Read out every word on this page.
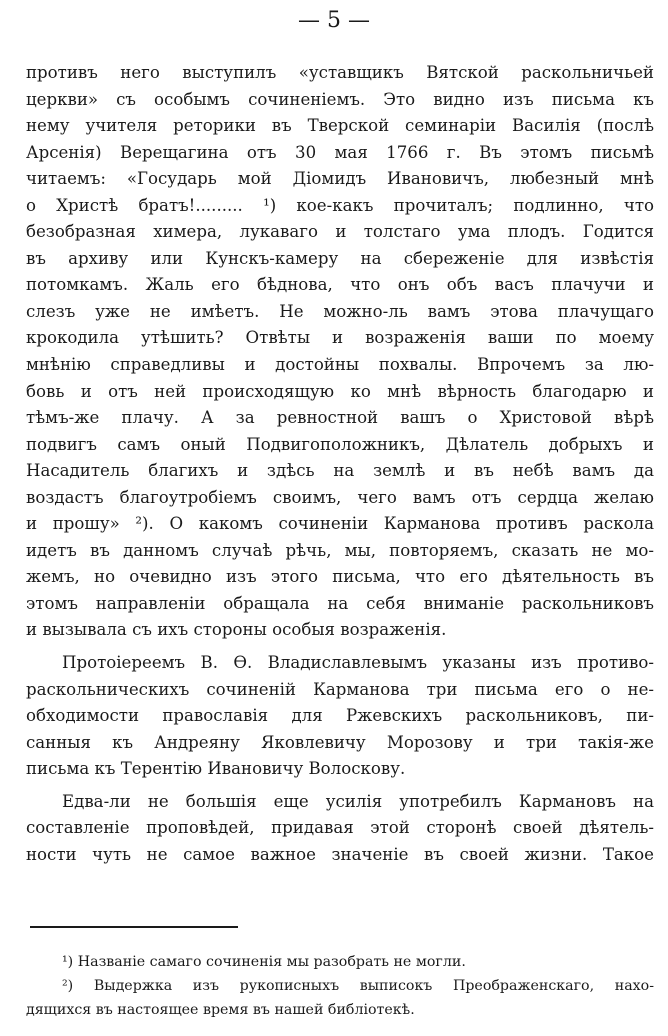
— 5 —
противъ него выступилъ «уставщикъ Вятской раскольничьей
церкви» съ особымъ сочиненіемъ. Это видно изъ письма къ
нему учителя реторики въ Тверской семинаріи Василія (послѣ
Арсенія) Верещагина отъ 30 мая 1766 г. Въ этомъ письмѣ
читаемъ: «Государь мой Діомидъ Ивановичъ, любезный мнѣ
о Христѣ братъ!......... ¹) кое-какъ прочиталъ; подлинно, что
безобразная химера, лукаваго и толстаго ума плодъ. Годится
въ архиву или Кунскъ-камеру на сбереженіе для извѣстія
потомкамъ. Жаль его бѣднова, что онъ объ васъ плачучи и
слезъ уже не имѣетъ. Не можно-ль вамъ этова плачущаго
крокодила утѣшить? Отвѣты и возраженія ваши по моему
мнѣнію справедливы и достойны похвалы. Впрочемъ за лю-
бовь и отъ ней происходящую ко мнѣ вѣрность благодарю и
тѣмъ-же плачу. А за ревностной вашъ о Христовой вѣрѣ
подвигъ самъ оный Подвигоположникъ, Дѣлатель добрыхъ и
Насадитель благихъ и здѣсь на землѣ и въ небѣ вамъ да
воздастъ благоутробіемъ своимъ, чего вамъ отъ сердца желаю
и прошу» ²). О какомъ сочиненіи Карманова противъ раскола
идетъ въ данномъ случаѣ рѣчь, мы, повторяемъ, сказать не мо-
жемъ, но очевидно изъ этого письма, что его дѣятельность въ
этомъ направленіи обращала на себя вниманіе раскольниковъ
и вызывала съ ихъ стороны особыя возраженія.
Протоіереемъ В. Ѳ. Владиславлевымъ указаны изъ противо-
раскольническихъ сочиненій Карманова три письма его о не-
обходимости православія для Ржевскихъ раскольниковъ, пи-
санныя къ Андреяну Яковлевичу Морозову и три такія-же
письма къ Терентію Ивановичу Волоскову.
Едва-ли не большія еще усилія употребилъ Кармановъ на
составленіе проповѣдей, придавая этой сторонѣ своей дѣятель-
ности чуть не самое важное значеніе въ своей жизни. Такое
¹) Названіе самаго сочиненія мы разобрать не могли.
²) Выдержка изъ рукописныхъ выписокъ Преображенскаго, нахо-
дящихся въ настоящее время въ нашей библіотекѣ.
